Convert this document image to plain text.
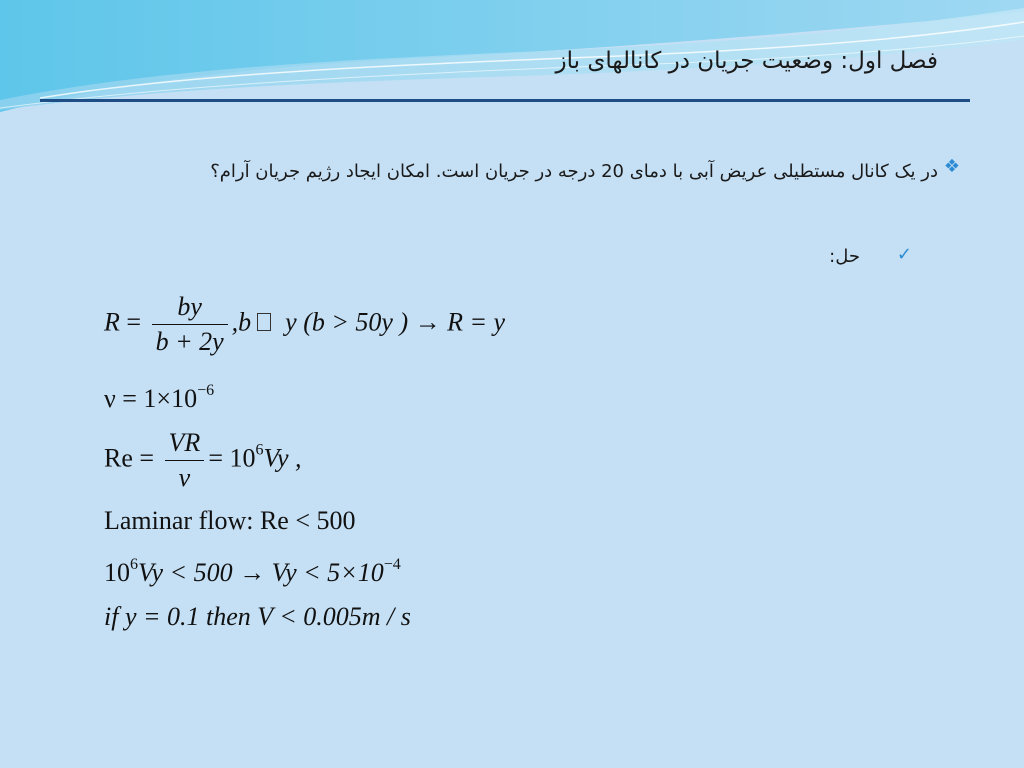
فصل اول: وضعیت جریان در کانالهای باز
❖
در یک کانال مستطیلی عریض آبی با دمای 20 درجه در جریان است. امکان ایجاد رژیم جریان آرام؟
✓
حل:
$R = \frac{by}{b + 2y} ,b$ y (b > 50y ) → R = y
$\nu = 1\times 10^{-6}$
$Re = \frac{VR}{\nu} = 10^6Vy$ ,
Laminar flow: Re < 500
$10^6Vy < 500 \to Vy < 5\times 10^{-4}$
if y = 0.1 then V < 0.005m / s
